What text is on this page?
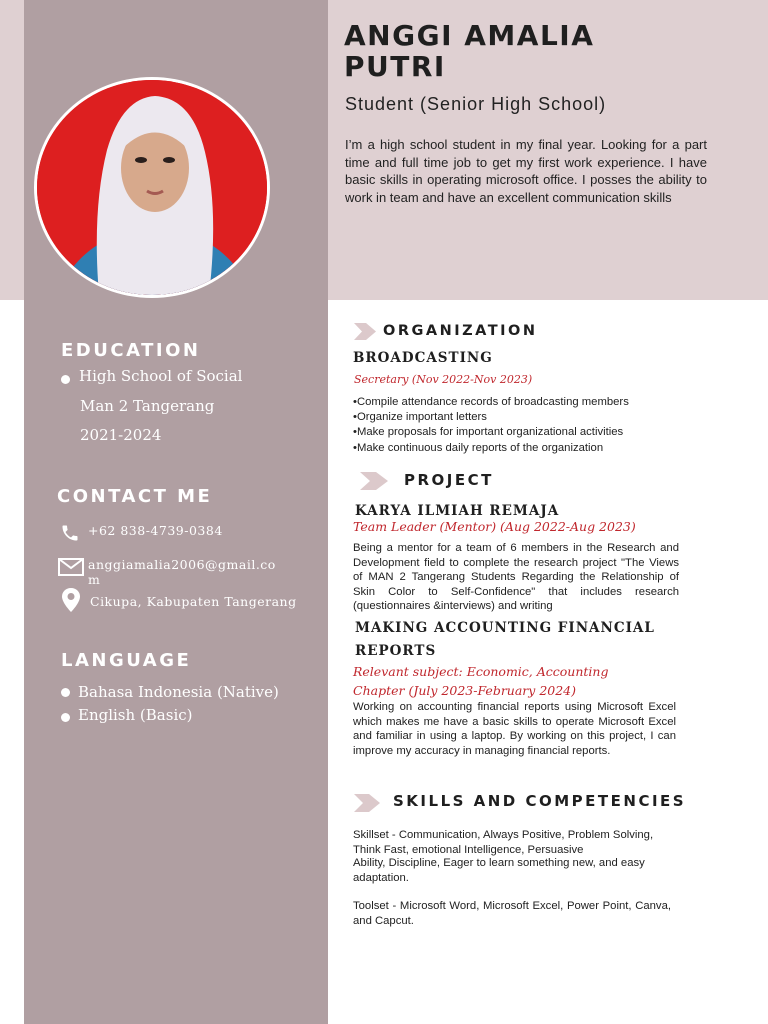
ANGGI AMALIA
PUTRI
Student (Senior High School)

I’m a high school student in my final year. Looking for a part time and full time job to get my first work experience. I have basic skills in operating microsoft office. I posses the ability to work in team and have an excellent communication skills

EDUCATION
High School of Social
Man 2 Tangerang
2021-2024
CONTACT ME
+62 838-4739-0384
anggiamalia2006@gmail.co
m
Cikupa, Kabupaten Tangerang
LANGUAGE
Bahasa Indonesia (Native)
English (Basic)
ORGANIZATION
BROADCASTING
Secretary (Nov 2022-Nov 2023)
•Compile attendance records of broadcasting members
•Organize important letters
•Make proposals for important organizational activities
•Make continuous daily reports of the organization
PROJECT
KARYA ILMIAH REMAJA
Team Leader (Mentor) (Aug 2022-Aug 2023)

Being a mentor for a team of 6 members in the Research and Development field to complete the research project "The Views of MAN 2 Tangerang Students Regarding the Relationship of Skin Color to Self-Confidence" that includes research (questionnaires &interviews) and writing

MAKING ACCOUNTING FINANCIAL
REPORTS
Relevant subject: Economic, Accounting
Chapter (July 2023-February 2024)

Working on accounting financial reports using Microsoft Excel which makes me have a basic skills to operate Microsoft Excel and familiar in using a laptop. By working on this project, I can improve my accuracy in managing financial reports.

SKILLS AND COMPETENCIES

Skillset - Communication, Always Positive, Problem Solving, Think Fast, emotional Intelligence, Persuasive

Ability, Discipline, Eager to learn something new, and easy adaptation.

Toolset - Microsoft Word, Microsoft Excel, Power Point, Canva, and Capcut.
